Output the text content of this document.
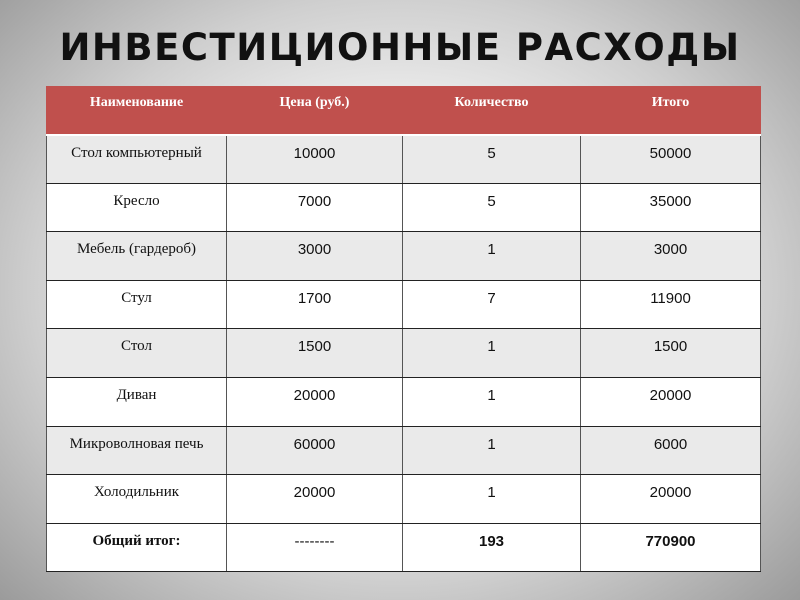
ИНВЕСТИЦИОННЫЕ РАСХОДЫ
Наименование	Цена (руб.)	Количество	Итого
Стол компьютерный	10000	5	50000
Кресло	7000	5	35000
Мебель (гардероб)	3000	1	3000
Стул	1700	7	11900
Стол	1500	1	1500
Диван	20000	1	20000
Микроволновая печь	60000	1	6000
Холодильник	20000	1	20000
Общий итог:	--------	193	770900
